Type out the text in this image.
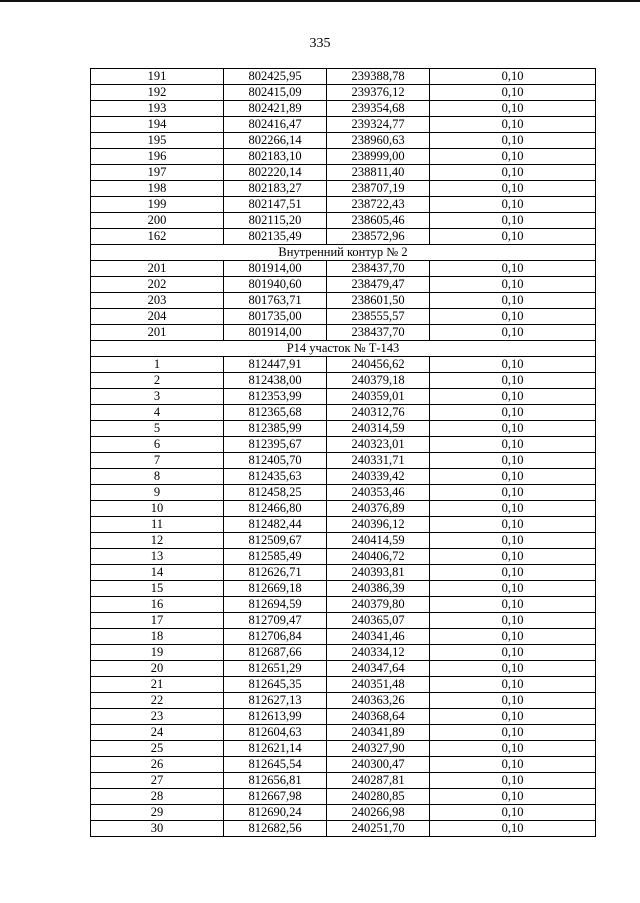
335
191	802425,95	239388,78	0,10
192	802415,09	239376,12	0,10
193	802421,89	239354,68	0,10
194	802416,47	239324,77	0,10
195	802266,14	238960,63	0,10
196	802183,10	238999,00	0,10
197	802220,14	238811,40	0,10
198	802183,27	238707,19	0,10
199	802147,51	238722,43	0,10
200	802115,20	238605,46	0,10
162	802135,49	238572,96	0,10
Внутренний контур № 2			
201	801914,00	238437,70	0,10
202	801940,60	238479,47	0,10
203	801763,71	238601,50	0,10
204	801735,00	238555,57	0,10
201	801914,00	238437,70	0,10
Р14 участок № Т-143			
1	812447,91	240456,62	0,10
2	812438,00	240379,18	0,10
3	812353,99	240359,01	0,10
4	812365,68	240312,76	0,10
5	812385,99	240314,59	0,10
6	812395,67	240323,01	0,10
7	812405,70	240331,71	0,10
8	812435,63	240339,42	0,10
9	812458,25	240353,46	0,10
10	812466,80	240376,89	0,10
11	812482,44	240396,12	0,10
12	812509,67	240414,59	0,10
13	812585,49	240406,72	0,10
14	812626,71	240393,81	0,10
15	812669,18	240386,39	0,10
16	812694,59	240379,80	0,10
17	812709,47	240365,07	0,10
18	812706,84	240341,46	0,10
19	812687,66	240334,12	0,10
20	812651,29	240347,64	0,10
21	812645,35	240351,48	0,10
22	812627,13	240363,26	0,10
23	812613,99	240368,64	0,10
24	812604,63	240341,89	0,10
25	812621,14	240327,90	0,10
26	812645,54	240300,47	0,10
27	812656,81	240287,81	0,10
28	812667,98	240280,85	0,10
29	812690,24	240266,98	0,10
30	812682,56	240251,70	0,10
